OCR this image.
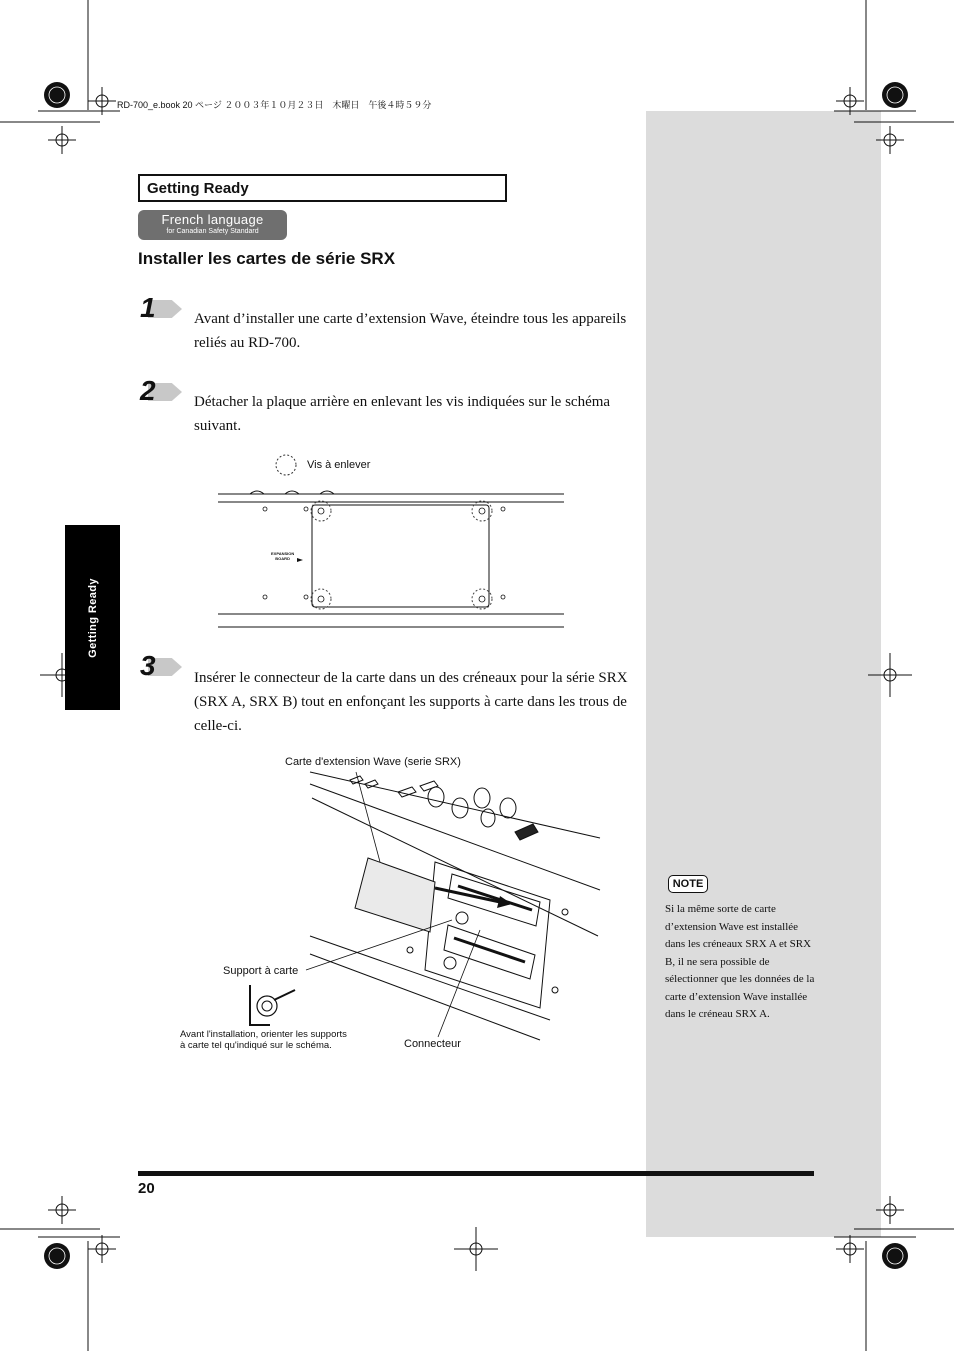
RD-700_e.book 20 ページ ２００３年１０月２３日　木曜日　午後４時５９分
Getting Ready
French language
for Canadian Safety Standard
Installer les cartes de série SRX
1	Avant d’installer une carte d’extension Wave, éteindre tous les appareils reliés au RD-700.
2	Détacher la plaque arrière en enlevant les vis indiquées sur le schéma suivant.
Vis à enlever
EXPANSION
BOARD
3	Insérer le connecteur de la carte dans un des créneaux pour la série SRX (SRX A, SRX B) tout en enfonçant les supports à carte dans les trous de celle-ci.
Getting Ready
Carte d'extension Wave (serie SRX)
Support à carte
Avant l'installation, orienter les supports
à carte tel qu'indiqué sur le schéma.	Connecteur
NOTE
Si la même sorte de carte d’extension Wave est installée dans les créneaux SRX A et SRX B, il ne sera possible de sélectionner que les données de la carte d’extension Wave installée dans le créneau SRX A.
20
